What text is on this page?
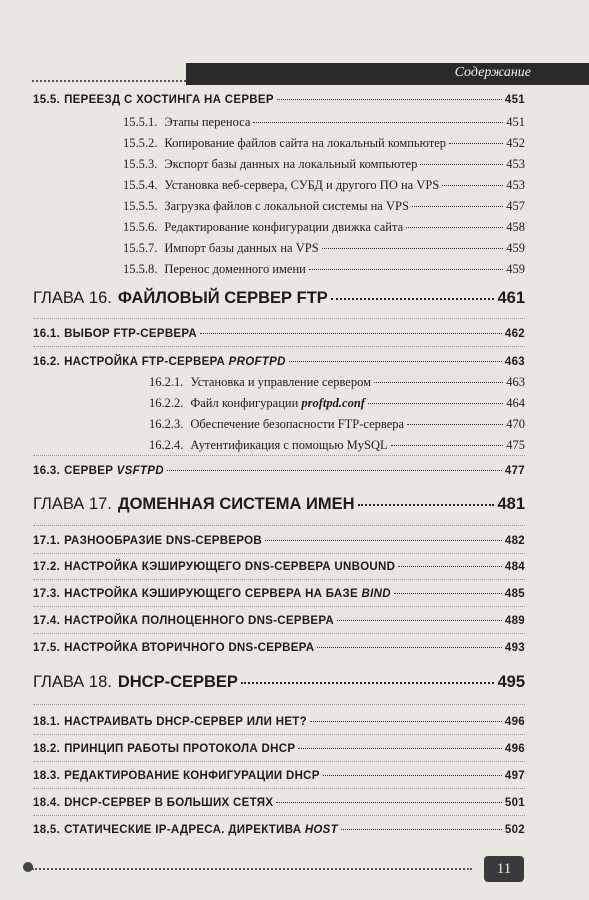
Содержание
15.5. ПЕРЕЕЗД С ХОСТИНГА НА СЕРВЕР	451
15.5.1. Этапы переноса	451
15.5.2. Копирование файлов сайта на локальный компьютер	452
15.5.3. Экспорт базы данных на локальный компьютер	453
15.5.4. Установка веб-сервера, СУБД и другого ПО на VPS	453
15.5.5. Загрузка файлов с локальной системы на VPS	457
15.5.6. Редактирование конфигурации движка сайта	458
15.5.7. Импорт базы данных на VPS	459
15.5.8. Перенос доменного имени	459
ГЛАВА 16. ФАЙЛОВЫЙ СЕРВЕР FTP	461
16.1. ВЫБОР FTP-СЕРВЕРА	462
16.2. НАСТРОЙКА FTP-СЕРВЕРА PROFTPD	463
16.2.1. Установка и управление сервером	463
16.2.2. Файл конфигурации proftpd.conf	464
16.2.3. Обеспечение безопасности FTP-сервера	470
16.2.4. Аутентификация с помощью MySQL	475
16.3. СЕРВЕР VSFTPD	477
ГЛАВА 17. ДОМЕННАЯ СИСТЕМА ИМЕН	481
17.1. РАЗНООБРАЗИЕ DNS-СЕРВЕРОВ	482
17.2. НАСТРОЙКА КЭШИРУЮЩЕГО DNS-СЕРВЕРА UNBOUND	484
17.3. НАСТРОЙКА КЭШИРУЮЩЕГО СЕРВЕРА НА БАЗЕ BIND	485
17.4. НАСТРОЙКА ПОЛНОЦЕННОГО DNS-СЕРВЕРА	489
17.5. НАСТРОЙКА ВТОРИЧНОГО DNS-СЕРВЕРА	493
ГЛАВА 18. DHCP-СЕРВЕР	495
18.1. НАСТРАИВАТЬ DHCP-СЕРВЕР ИЛИ НЕТ?	496
18.2. ПРИНЦИП РАБОТЫ ПРОТОКОЛА DHCP	496
18.3. РЕДАКТИРОВАНИЕ КОНФИГУРАЦИИ DHCP	497
18.4. DHCP-СЕРВЕР В БОЛЬШИХ СЕТЯХ	501
18.5. СТАТИЧЕСКИЕ IP-АДРЕСА. ДИРЕКТИВА HOST	502
11
